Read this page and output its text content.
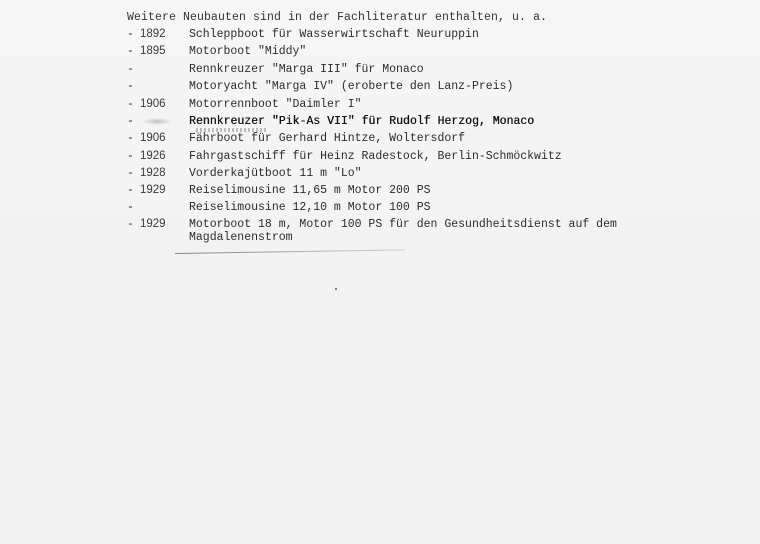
Weitere Neubauten sind in der Fachliteratur enthalten, u. a.
- 1892	Schleppboot für Wasserwirtschaft Neuruppin
- 1895	Motorboot "Middy"
-	Rennkreuzer "Marga III" für Monaco
-	Motoryacht "Marga IV" (eroberte den Lanz-Preis)
- 1906	Motorrennboot "Daimler I"
-	Rennkreuzer "Pik-As VII" für Rudolf Herzog, Monaco
- 1906	Fährboot für Gerhard Hintze, Woltersdorf
- 1926	Fahrgastschiff für Heinz Radestock, Berlin-Schmöckwitz
- 1928	Vorderkajütboot 11 m "Lo"
- 1929	Reiselimousine 11,65 m Motor 200 PS
-	Reiselimousine 12,10 m Motor 100 PS
- 1929	Motorboot 18 m, Motor 100 PS für den Gesundheitsdienst auf dem
Magdalenenstrom
